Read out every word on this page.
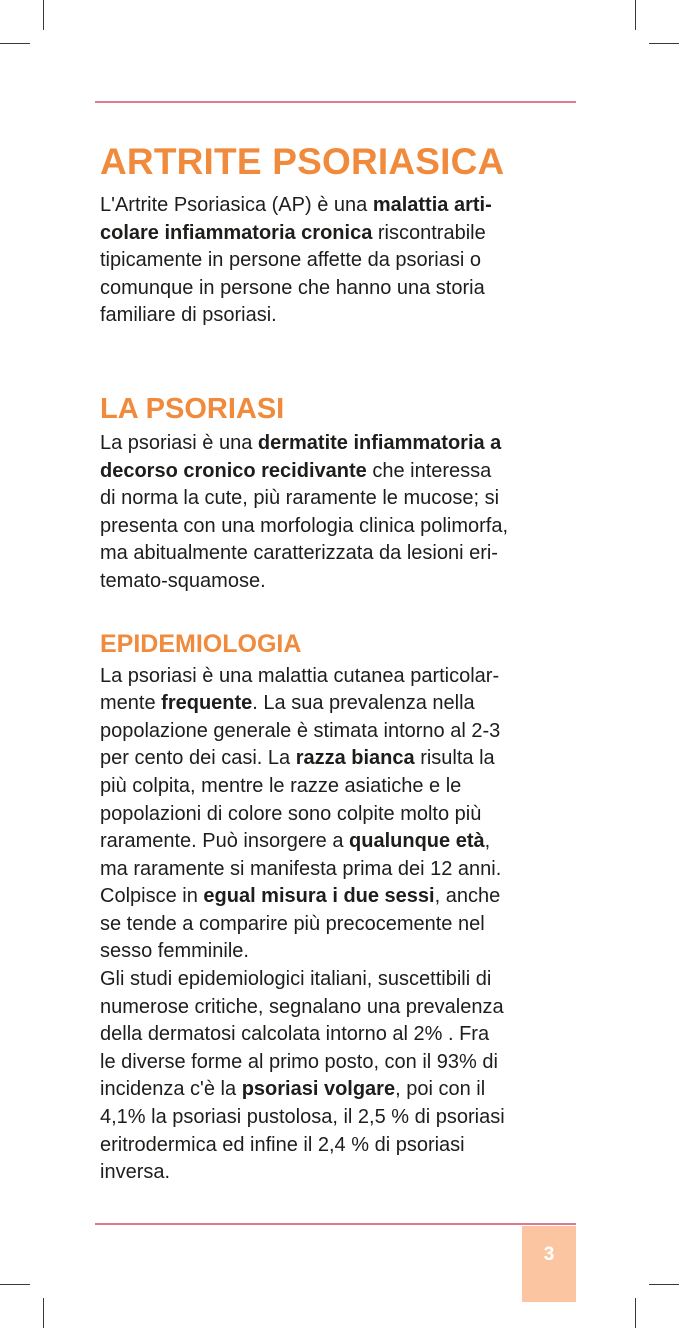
ARTRITE PSORIASICA

L'Artrite Psoriasica (AP) è una malattia arti-
colare infiammatoria cronica riscontrabile
tipicamente in persone affette da psoriasi o
comunque in persone che hanno una storia
familiare di psoriasi.

LA PSORIASI

La psoriasi è una dermatite infiammatoria a
decorso cronico recidivante che interessa
di norma la cute, più raramente le mucose; si
presenta con una morfologia clinica polimorfa,
ma abitualmente caratterizzata da lesioni eri-
temato-squamose.

EPIDEMIOLOGIA

La psoriasi è una malattia cutanea particolar-
mente frequente. La sua prevalenza nella
popolazione generale è stimata intorno al 2-3
per cento dei casi. La razza bianca risulta la
più colpita, mentre le razze asiatiche e le
popolazioni di colore sono colpite molto più
raramente. Può insorgere a qualunque età,
ma raramente si manifesta prima dei 12 anni.
Colpisce in egual misura i due sessi, anche
se tende a comparire più precocemente nel
sesso femminile.
Gli studi epidemiologici italiani, suscettibili di
numerose critiche, segnalano una prevalenza
della dermatosi calcolata intorno al 2% . Fra
le diverse forme al primo posto, con il 93% di
incidenza c'è la psoriasi volgare, poi con il
4,1% la psoriasi pustolosa, il 2,5 % di psoriasi
eritrodermica ed infine il 2,4 % di psoriasi
inversa.

3
